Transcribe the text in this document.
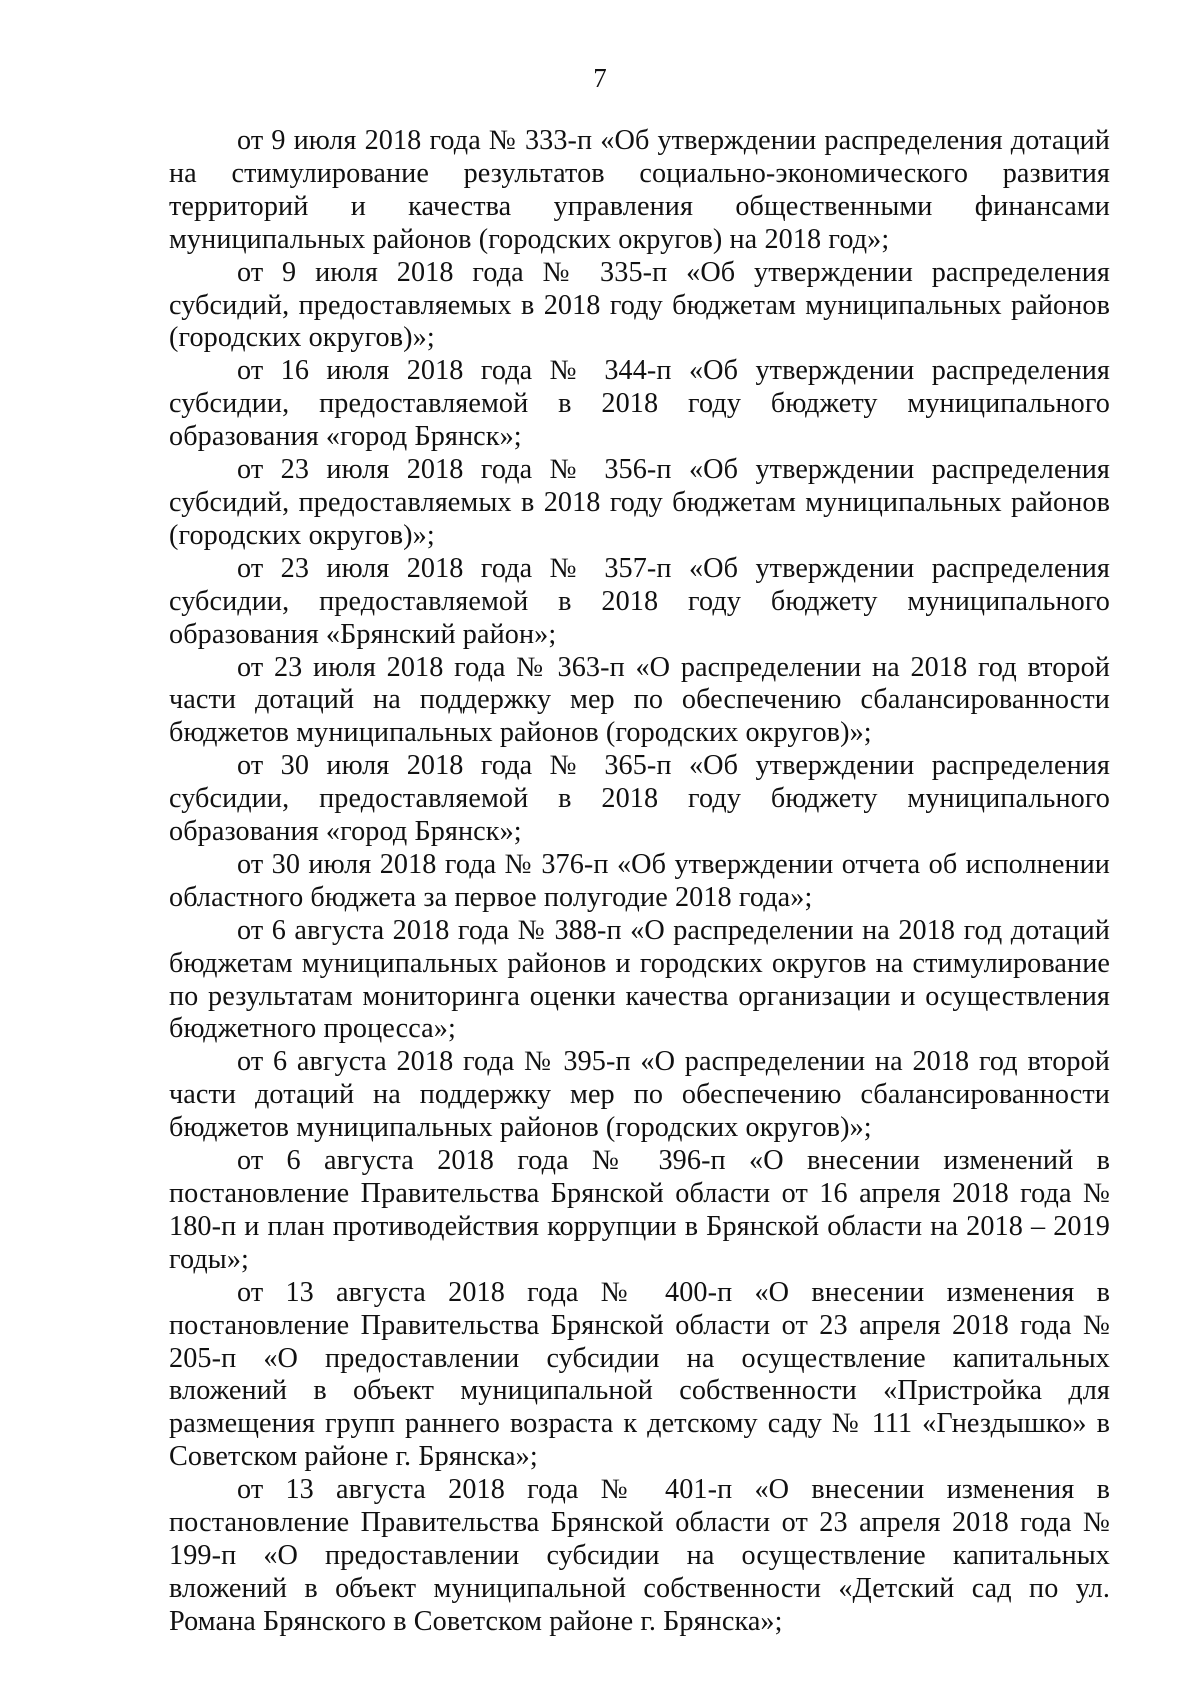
7

от 9 июля 2018 года № 333-п «Об утверждении распределения дотаций на стимулирование результатов социально-экономического развития территорий и качества управления общественными финансами муниципальных районов (городских округов) на 2018 год»;

от 9 июля 2018 года № 335-п «Об утверждении распределения субсидий, предоставляемых в 2018 году бюджетам муниципальных районов (городских округов)»;

от 16 июля 2018 года № 344-п «Об утверждении распределения субсидии, предоставляемой в 2018 году бюджету муниципального образования «город Брянск»;

от 23 июля 2018 года № 356-п «Об утверждении распределения субсидий, предоставляемых в 2018 году бюджетам муниципальных районов (городских округов)»;

от 23 июля 2018 года № 357-п «Об утверждении распределения субсидии, предоставляемой в 2018 году бюджету муниципального образования «Брянский район»;

от 23 июля 2018 года № 363-п «О распределении на 2018 год второй части дотаций на поддержку мер по обеспечению сбалансированности бюджетов муниципальных районов (городских округов)»;

от 30 июля 2018 года № 365-п «Об утверждении распределения субсидии, предоставляемой в 2018 году бюджету муниципального образования «город Брянск»;

от 30 июля 2018 года № 376-п «Об утверждении отчета об исполнении областного бюджета за первое полугодие 2018 года»;

от 6 августа 2018 года № 388-п «О распределении на 2018 год дотаций бюджетам муниципальных районов и городских округов на стимулирование по результатам мониторинга оценки качества организации и осуществления бюджетного процесса»;

от 6 августа 2018 года № 395-п «О распределении на 2018 год второй части дотаций на поддержку мер по обеспечению сбалансированности бюджетов муниципальных районов (городских округов)»;

от 6 августа 2018 года № 396-п «О внесении изменений в постановление Правительства Брянской области от 16 апреля 2018 года № 180-п и план противодействия коррупции в Брянской области на 2018 – 2019 годы»;

от 13 августа 2018 года № 400-п «О внесении изменения в постановление Правительства Брянской области от 23 апреля 2018 года № 205-п «О предоставлении субсидии на осуществление капитальных вложений в объект муниципальной собственности «Пристройка для размещения групп раннего возраста к детскому саду № 111 «Гнездышко» в Советском районе г. Брянска»;

от 13 августа 2018 года № 401-п «О внесении изменения в постановление Правительства Брянской области от 23 апреля 2018 года № 199-п «О предоставлении субсидии на осуществление капитальных вложений в объект муниципальной собственности «Детский сад по ул. Романа Брянского в Советском районе г. Брянска»;
